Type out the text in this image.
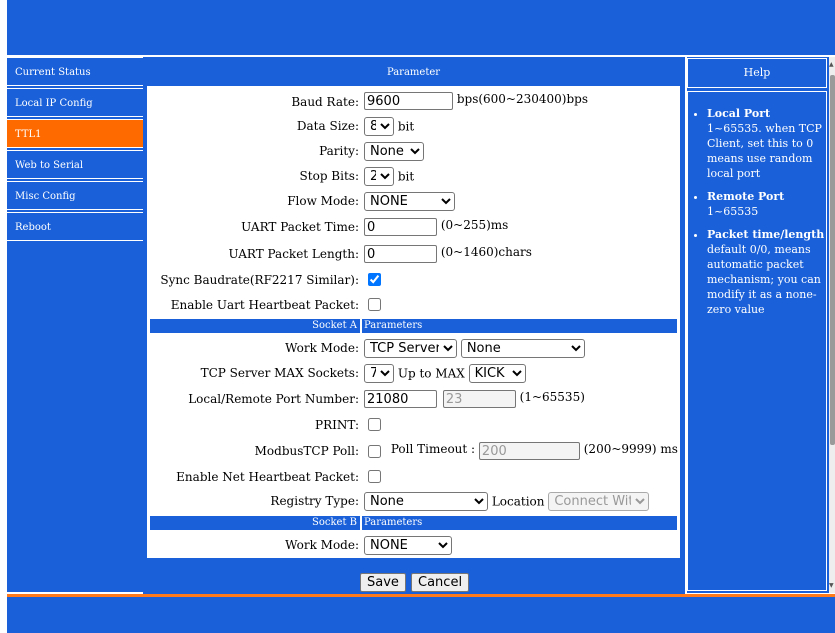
Current Status
Local IP Config
TTL1
Web to Serial
Misc Config
Reboot
Parameter
Baud Rate:
9600	bps(600~230400)bps
Data Size:
8	bit
Parity:
None
Stop Bits:
2	bit
Flow Mode:
NONE
UART Packet Time:
0	(0~255)ms
UART Packet Length:
0	(0~1460)chars
Sync Baudrate(RF2217 Similar):
Enable Uart Heartbeat Packet:
Socket A Parameters
Work Mode:
TCP Server
None
TCP Server MAX Sockets:
7	Up to MAX
KICK
Local/Remote Port Number:
21080 23	(1~65535)
PRINT:
ModbusTCP Poll:	Poll Timeout : 200	(200~9999) ms
Enable Net Heartbeat Packet:
Registry Type:
None	Location
Connect With
Socket B Parameters
Work Mode:
NONE
Save Cancel
Help
• Local Port
1~65535. when TCP Client, set this to 0 means use random local port
• Remote Port
1~65535
• Packet time/length
default 0/0, means automatic packet mechanism; you can modify it as a none-zero value
▲
▼
